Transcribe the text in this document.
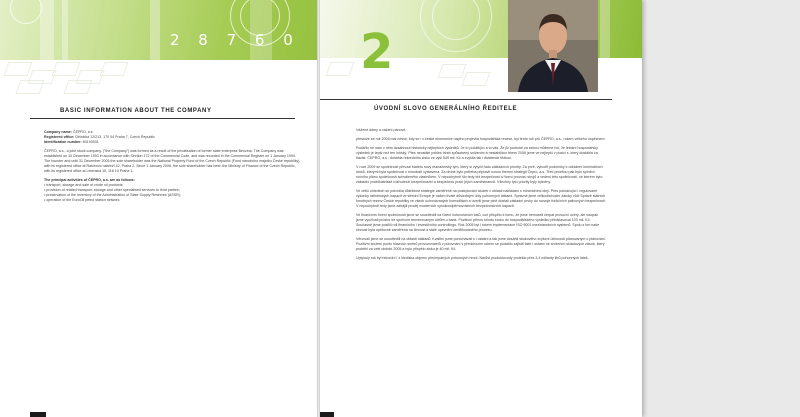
2 8 7 6 0
BASIC INFORMATION ABOUT THE COMPANY

Company name: ČEPRO, a.s.
Registered office: Dělnická 12/213, 170 04 Praha 7, Czech Republic
Identification number: 60193531

ČEPRO, a.s., a joint stock company, ("the Company") was formed as a result of the privatisation of former state enterprise Benzina. The Company was established on 10 December 1993 in accordance with Section 172 of the Commercial Code, and was recorded in the Commercial Register on 1 January 1994. The founder and until 31 December 2005 the sole shareholder was the National Property Fund of the Czech Republic (Fond národního majetku České republiky), with its registered office at Rašínovo nábřeží 42, Praha 2. Since 1 January 2006, the sole shareholder has been the Ministry of Finance of the Czech Republic, with its registered office at Letenská 15, 118 10 Praha 1.

The principal activities of ČEPRO, a.s. are as follows:

• transport, storage and sale of crude oil products;
• provision of related transport, storage and other specialised services to third parties;
• preservation of the inventory of the Administration of State Supply Reserves (ASSR);
• operation of the EuroOil petrol station network.
2
ÚVODNÍ SLOVO GENERÁLNÍHO ŘEDITELE

Vážené dámy a vážení pánové,

přestože se rok 2005 mal nésse, kdy se i v české ekonomice naplno projevila hospodářská recese, byl tento rok pro ČEPRO, a.s., rokem velkého úspěchem.

Podařilo se nám v něm dosáhnout historicky nejlepších výsledků. Je to počátkjící a to vás. Že již podruhé za sebou můžeme říci, že letošní hospodářský výsledek je lepší než ten loňský. Přes neustálé pokles tržeb způsobený snížením a nestabilitou trhem 2006 jsme ve nejlepší v pozici s. který dostáhla za bazist. ČEPRO, a.s., dosáhla rekordního zisku ve výši 549 mil. Kč a zvýšila tak i dividende těžkou.

V roce 2009 se společnost převzal štafetu nový manažerský tým, který si vytyčil řadu základních priority. Za prvé, vytvořit podmínky k odrážení kriminálních útoků, kterými byla společnost v minulosti vystavena. Za druhé bylo potřeba připravit novou firemní strategii Čepro, a.s. Třetí prioritou pak bylo spínění ročního plánu společnosti schváleného vlastníkem. V nepochybně šlo tedy též bezpečnost a řízení provozu strojů a vedení této společnosti, ve kterém bylo základní podnikatelské rozhodnutí bezpečnostní a bezpečnou prací jejích zaměstnanců. Všechny tyto priority byly splněny.

Ve větší ohledech se potvrdila důležitost strategie zaměřené na poskytování služeb v oblasti nakládání s minerálními oleji. Přes pokračující i regulované výkonky ratinérských kapacit ve střední Evropě je naším trvalé důsledným úhly pohonných látkami. Správně jsme velkoobchodní záruky vůči Správě státních hmotných rezerv České republiky ve všech uchovávaných komoditách a uvedli jsme plně dostali základní prvky do rozvoje funkčních palivových bezpečností. V nepochybně tedy jsme zahájili prodej moderních vysokoodpěrnovostních bezpečnostních kapacit.

Ve finančním řízení společnosti jsme se soustředili na řízení hotovostních toků, což přispělo k tomu, že jsme nemuseli čerpat provozní úvěry, ale naopak jsme využívali prostor ke spořícím termínovaným účtům u bank. Pozitivní přínos tohoto kroku do hospodářského výsledku představoval 103 mil. Kč. Současně jsme posílili roli finančního i investičního controllingu. Rok 2005 byl i rokem implementace ISO 9001 mezinárodních systémů. Spolu s tím naše činnost byla opětovně zaměřena na činnost a stálé upevnění certifikovaného procesu.

Věnovali jsme se soustředili na oblasti nákladů. Kvalitní jsme porovnávali s i ostatní a tak jsme dosáhli skokového zvýšení účinností plánovaným o plánování. Pozitivní snížení počtu hlavních směrů provozovatelů v porovnání s předchozím rokem se podařilo zajistit také i ostatní se snížením skladových zásob, který proběhl za celé období 2005 a bylo přispělo zisku je 40 mil. Kč.

Uplynulý rok byl rekordní i z hlediska objemu přečerpaných pohonných hmot. Nárůst produktovody proteklo přes 3,4 miliardy litrů pohonných látek.
